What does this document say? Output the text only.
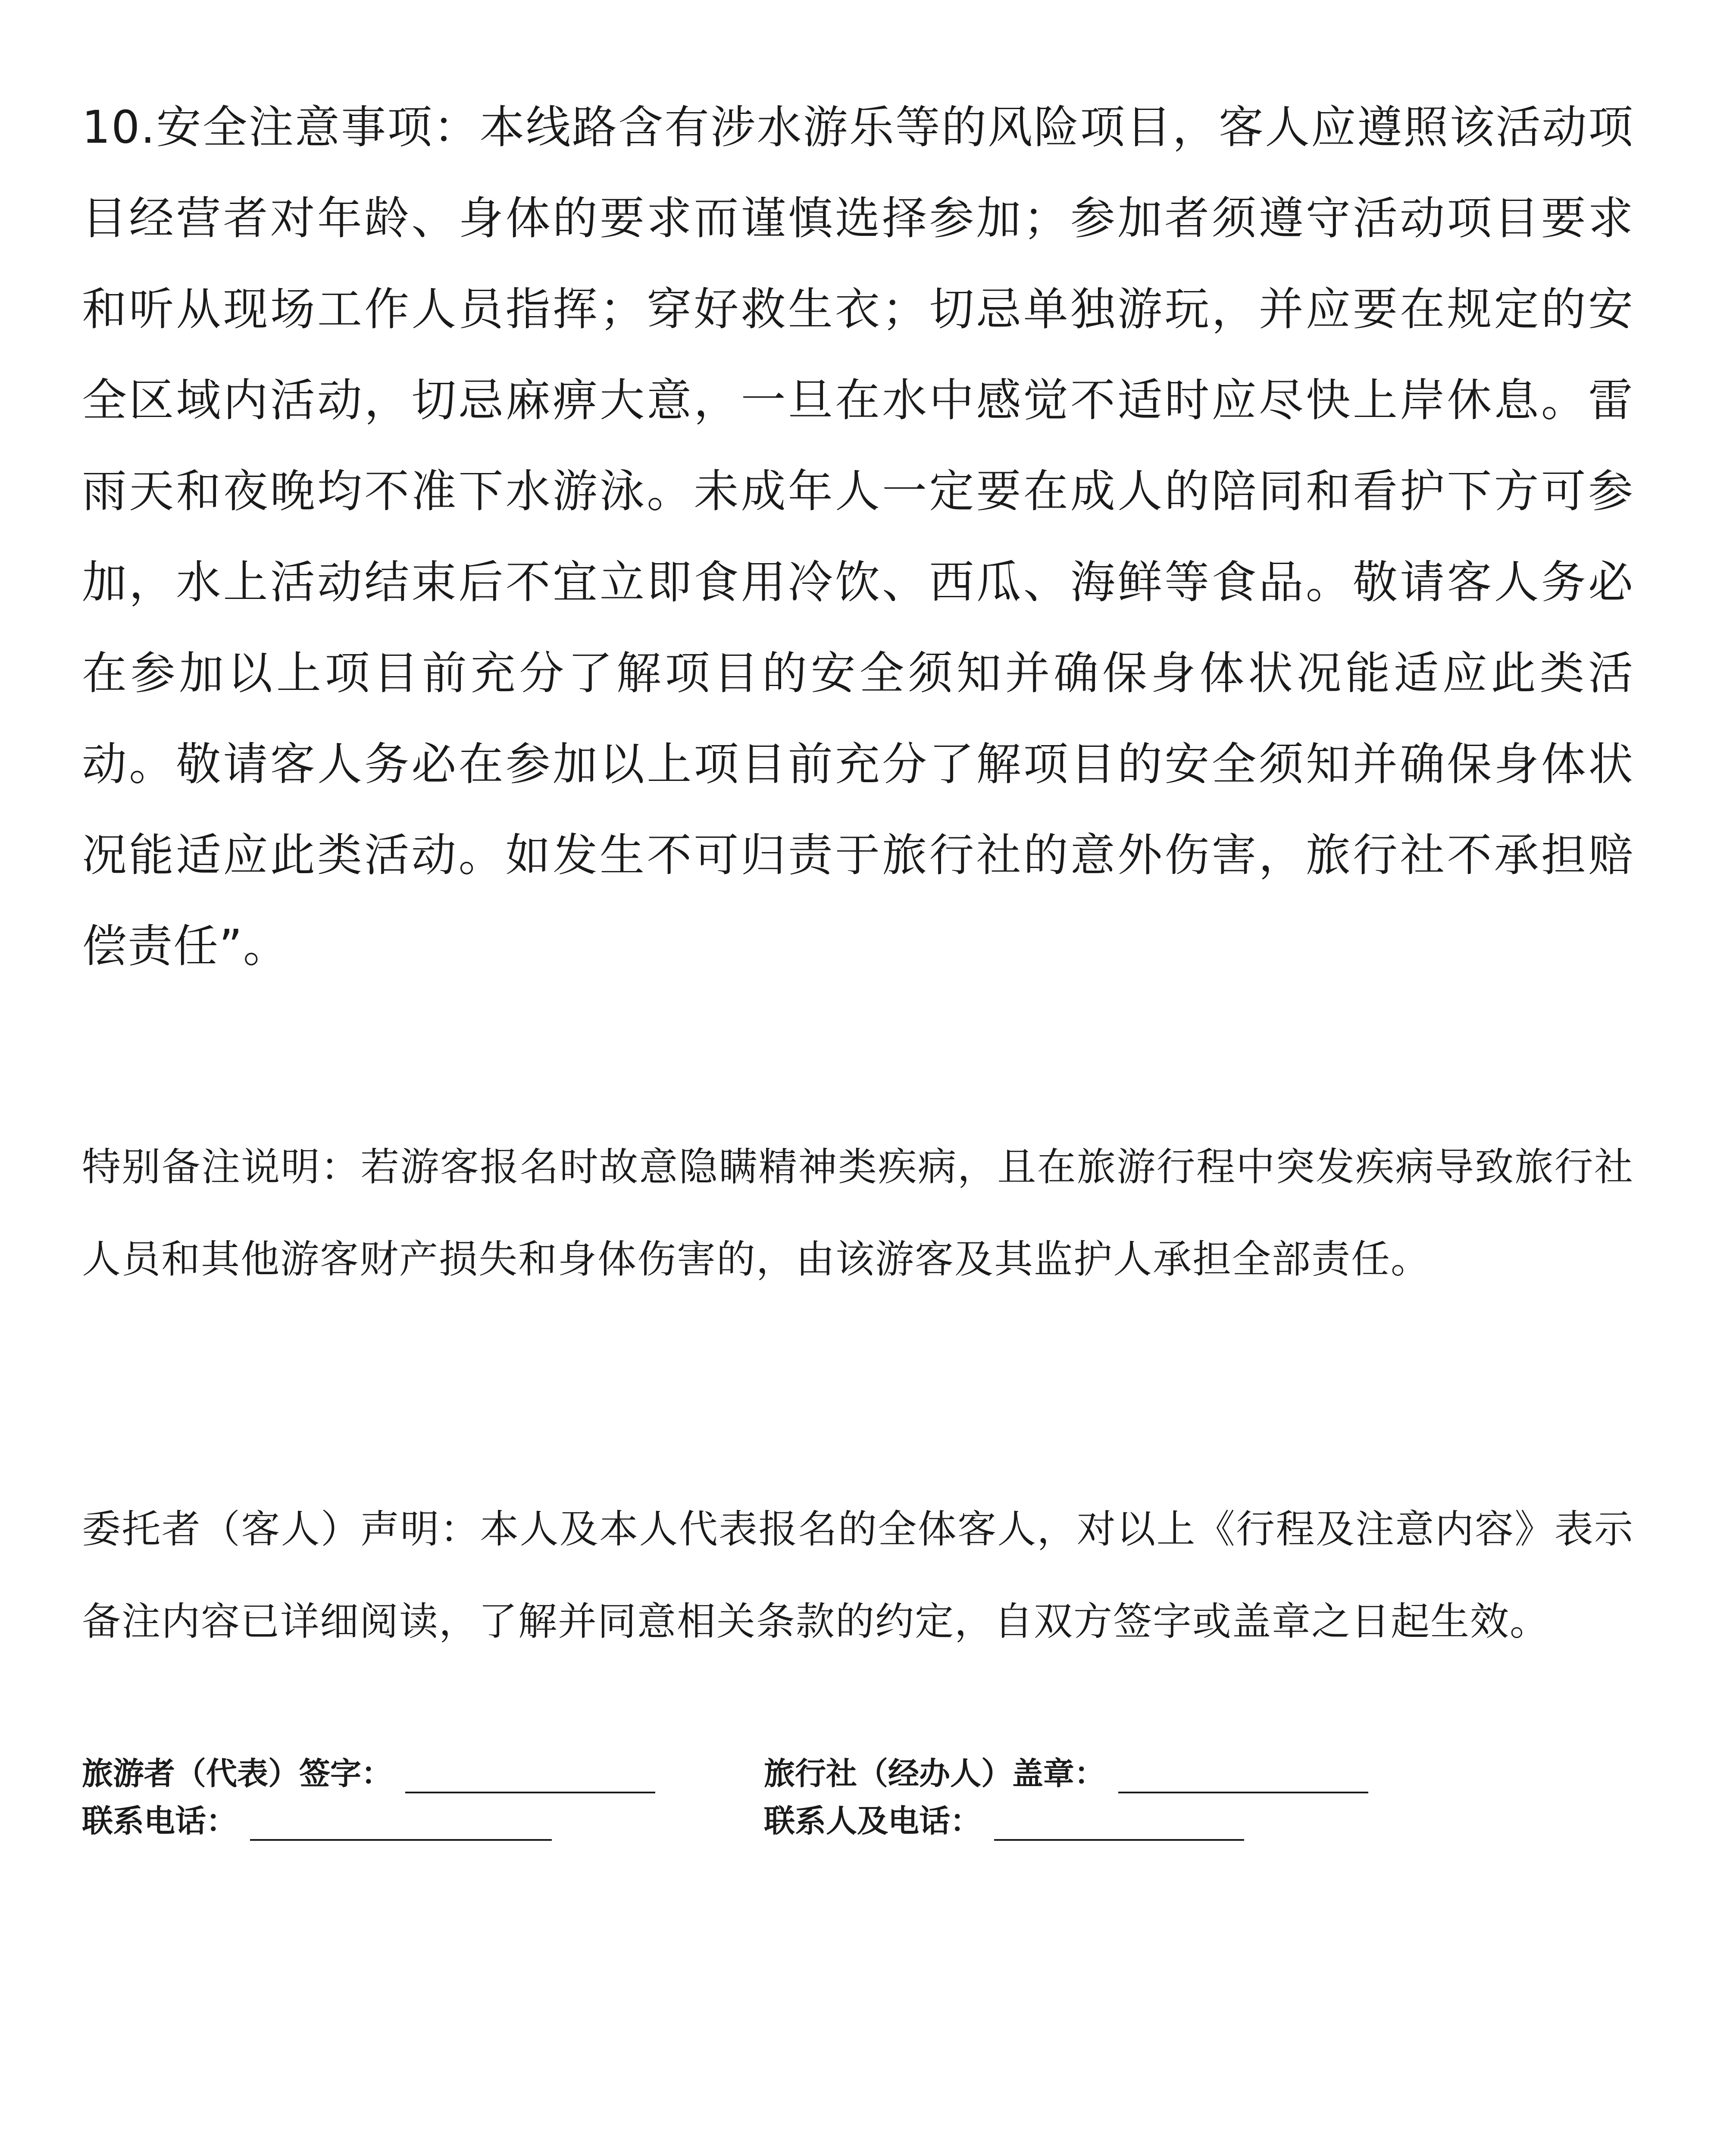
10.安全注意事项：本线路含有涉水游乐等的风险项目，客人应遵照该活动项目经营者对年龄、身体的要求而谨慎选择参加；参加者须遵守活动项目要求和听从现场工作人员指挥；穿好救生衣；切忌单独游玩，并应要在规定的安全区域内活动，切忌麻痹大意，一旦在水中感觉不适时应尽快上岸休息。雷雨天和夜晚均不准下水游泳。未成年人一定要在成人的陪同和看护下方可参加，水上活动结束后不宜立即食用冷饮、西瓜、海鲜等食品。敬请客人务必在参加以上项目前充分了解项目的安全须知并确保身体状况能适应此类活动。敬请客人务必在参加以上项目前充分了解项目的安全须知并确保身体状况能适应此类活动。如发生不可归责于旅行社的意外伤害，旅行社不承担赔偿责任”。

特别备注说明：若游客报名时故意隐瞒精神类疾病，且在旅游行程中突发疾病导致旅行社人员和其他游客财产损失和身体伤害的，由该游客及其监护人承担全部责任。

委托者（客人）声明：本人及本人代表报名的全体客人，对以上《行程及注意内容》表示备注内容已详细阅读，了解并同意相关条款的约定，自双方签字或盖章之日起生效。

旅游者（代表）签字：	旅行社（经办人）盖章：
联系电话：	联系人及电话：
